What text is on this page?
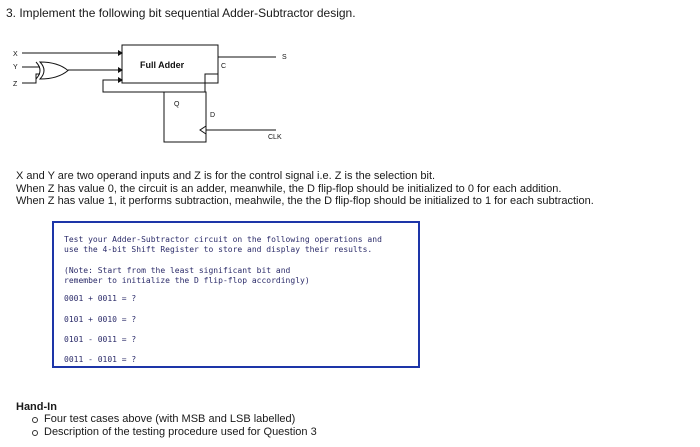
3. Implement the following bit sequential Adder-Subtractor design.
X
Y
Z
Full Adder	C
S
Q
D
CLK
X and Y are two operand inputs and Z is for the control signal i.e. Z is the selection bit.
When Z has value 0, the circuit is an adder, meanwhile, the D flip-flop should be initialized to 0 for each addition.
When Z has value 1, it performs subtraction, meahwile, the the D flip-flop should be initialized to 1 for each subtraction.
Test your Adder-Subtractor circuit on the following operations and
use the 4-bit Shift Register to store and display their results.
(Note: Start from the least significant bit and
remember to initialize the D flip-flop accordingly)
0001 + 0011 = ?
0101 + 0010 = ?
0101 - 0011 = ?
0011 - 0101 = ?
Hand-In
Four test cases above (with MSB and LSB labelled)
Description of the testing procedure used for Question 3
